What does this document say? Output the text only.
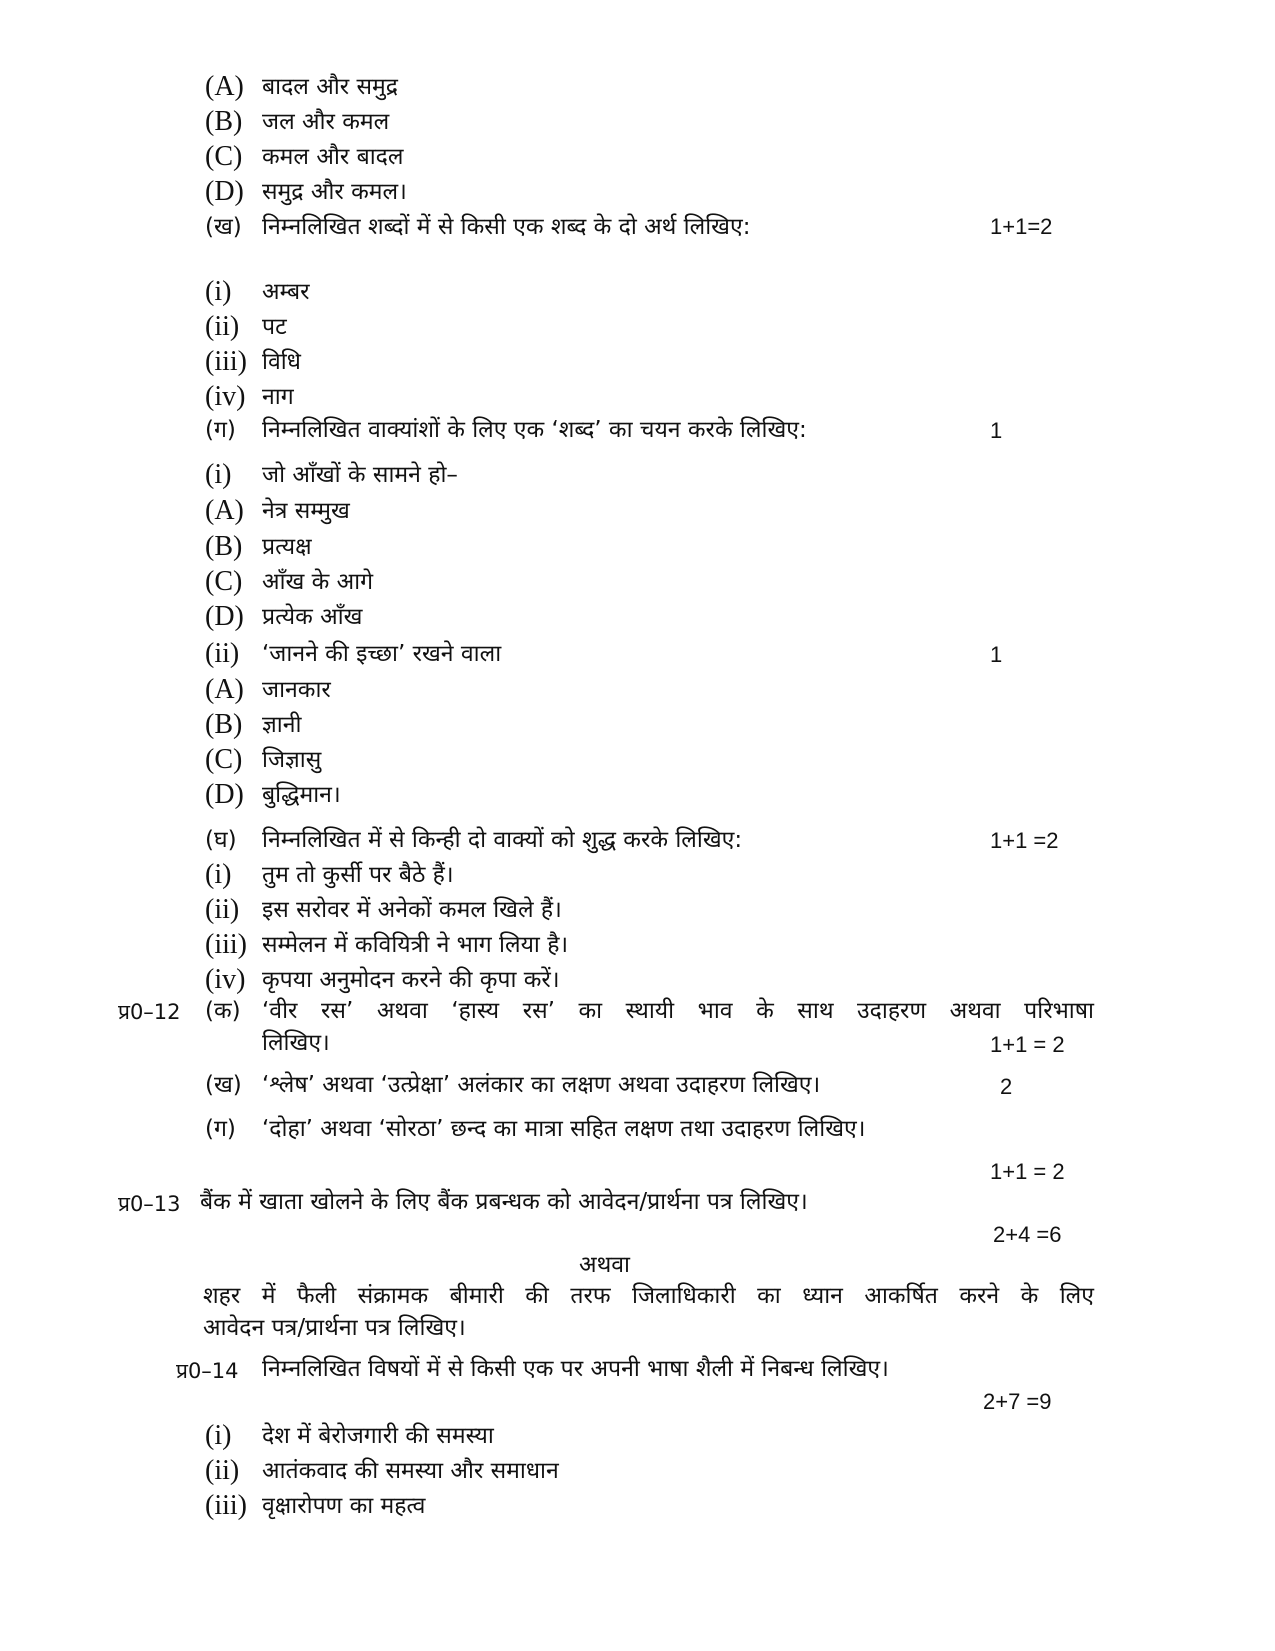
(A) बादल और समुद्र
(B) जल और कमल
(C) कमल और बादल
(D) समुद्र और कमल।
(ख) निम्नलिखित शब्दों में से किसी एक शब्द के दो अर्थ लिखिए:	1+1=2
(i) अम्बर
(ii) पट
(iii) विधि
(iv) नाग
(ग) निम्नलिखित वाक्यांशों के लिए एक ‘शब्द’ का चयन करके लिखिए:	1
(i) जो आँखों के सामने हो–
(A) नेत्र सम्मुख
(B) प्रत्यक्ष
(C) आँख के आगे
(D) प्रत्येक आँख
(ii) ‘जानने की इच्छा’ रखने वाला	1
(A) जानकार
(B) ज्ञानी
(C) जिज्ञासु
(D) बुद्धिमान।
(घ) निम्नलिखित में से किन्ही दो वाक्यों को शुद्ध करके लिखिए:	1+1 =2
(i) तुम तो कुर्सी पर बैठे हैं।
(ii) इस सरोवर में अनेकों कमल खिले हैं।
(iii) सम्मेलन में कवियित्री ने भाग लिया है।
(iv) कृपया अनुमोदन करने की कृपा करें।
प्र0–12 (क) ‘वीर रस’ अथवा ‘हास्य रस’ का स्थायी भाव के साथ उदाहरण अथवा परिभाषा
लिखिए।	1+1 = 2
(ख) ‘श्लेष’ अथवा ‘उत्प्रेक्षा’ अलंकार का लक्षण अथवा उदाहरण लिखिए।	2
(ग) ‘दोहा’ अथवा ‘सोरठा’ छन्द का मात्रा सहित लक्षण तथा उदाहरण लिखिए।
1+1 = 2
प्र0–13 बैंक में खाता खोलने के लिए बैंक प्रबन्धक को आवेदन/प्रार्थना पत्र लिखिए।
2+4 =6
अथवा
शहर में फैली संक्रामक बीमारी की तरफ जिलाधिकारी का ध्यान आकर्षित करने के लिए
आवेदन पत्र/प्रार्थना पत्र लिखिए।
प्र0–14 निम्नलिखित विषयों में से किसी एक पर अपनी भाषा शैली में निबन्ध लिखिए।
2+7 =9
(i) देश में बेरोजगारी की समस्या
(ii) आतंकवाद की समस्या और समाधान
(iii) वृक्षारोपण का महत्व
